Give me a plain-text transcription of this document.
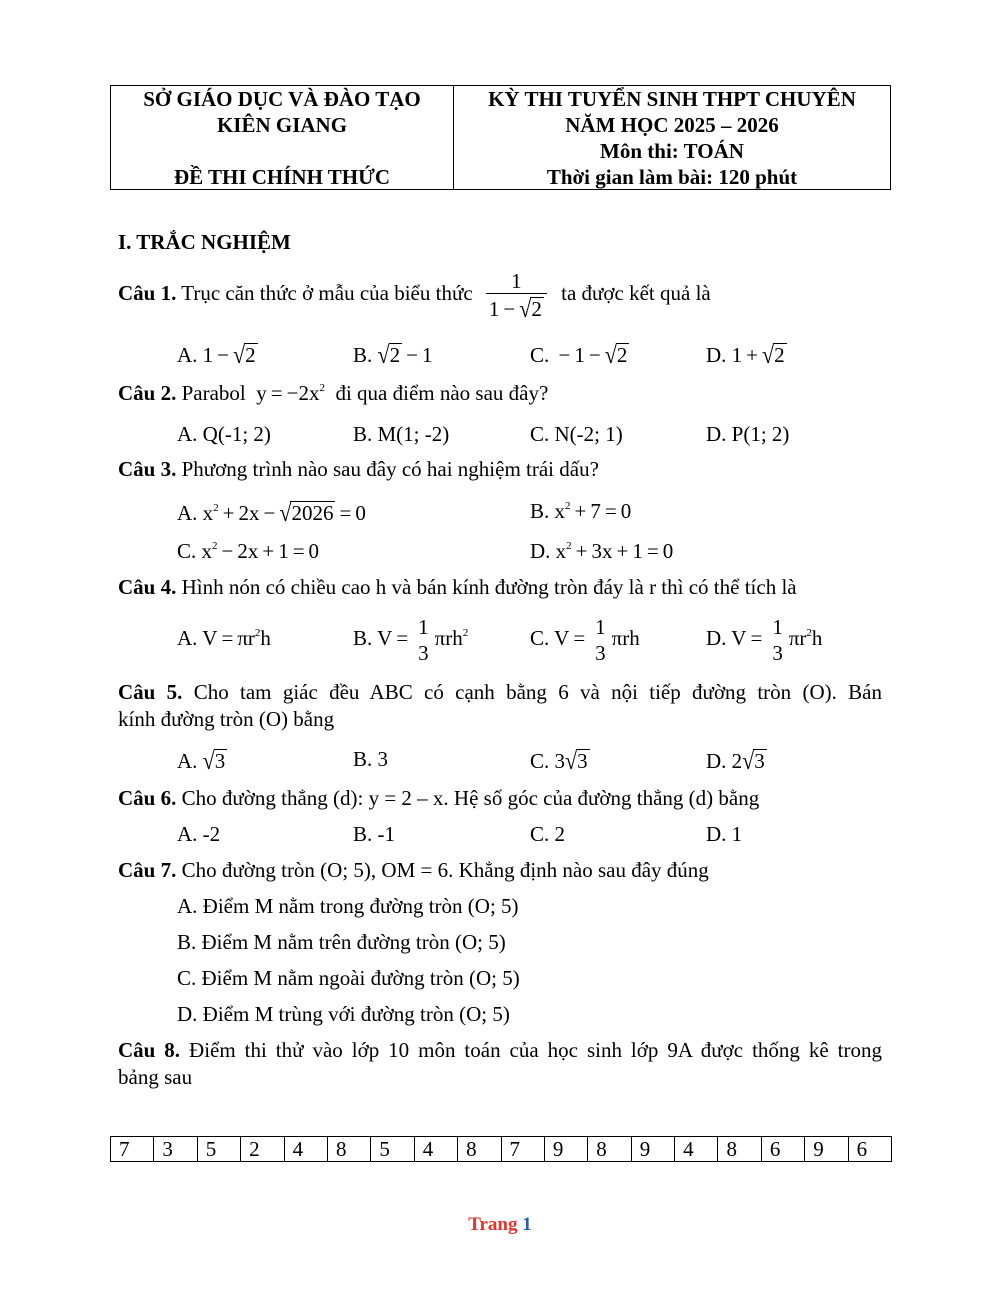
SỞ GIÁO DỤC VÀ ĐÀO TẠO
KIÊN GIANG
ĐỀ THI CHÍNH THỨC
KỲ THI TUYỂN SINH THPT CHUYÊN
NĂM HỌC 2025 – 2026
Môn thi: TOÁN
Thời gian làm bài: 120 phút
I. TRẮC NGHIỆM
Câu 1. Trục căn thức ở mẫu của biểu thức $\frac{1}{1 - √2}$ ta được kết quả là
A. 1 − √2	B. √2 − 1	C. − 1 − √2	D. 1 + √2
Câu 2. Parabol  $y = -2x^2$ đi qua điểm nào sau đây?
A. Q(-1; 2)	B. M(1; -2)	C. N(-2; 1)	D. P(1; 2)
Câu 3. Phương trình nào sau đây có hai nghiệm trái dấu?
A. $x^2 + 2x - √2026 = 0$	B. $x^2 + 7 = 0$
C. $x^2 - 2x + 1 = 0$	D. $x^2 + 3x + 1 = 0$
Câu 4. Hình nón có chiều cao h và bán kính đường tròn đáy là r thì có thể tích là
A. $V = \pi r^2h$	B. V = 1
3
πrh$^2$	C. V = 1
3
πrh	D. V = 1
3
$\pi r^2h$
Câu 5. Cho tam giác đều ABC có cạnh bằng 6 và nội tiếp đường tròn (O). Bán
kính đường tròn (O) bằng
A. √3	B. 3	C. 3√3	D. 2√3
Câu 6. Cho đường thẳng (d): y = 2 – x. Hệ số góc của đường thẳng (d) bằng
A. -2	B. -1	C. 2	D. 1
Câu 7. Cho đường tròn (O; 5), OM = 6. Khẳng định nào sau đây đúng
A. Điểm M nằm trong đường tròn (O; 5)
B. Điểm M nằm trên đường tròn (O; 5)
C. Điểm M nằm ngoài đường tròn (O; 5)
D. Điểm M trùng với đường tròn (O; 5)
Câu 8. Điểm thi thử vào lớp 10 môn toán của học sinh lớp 9A được thống kê trong
bảng sau
7	3	5	2	4	8	5	4	8	7	9	8	9	4	8	6	9	6
Trang 1
